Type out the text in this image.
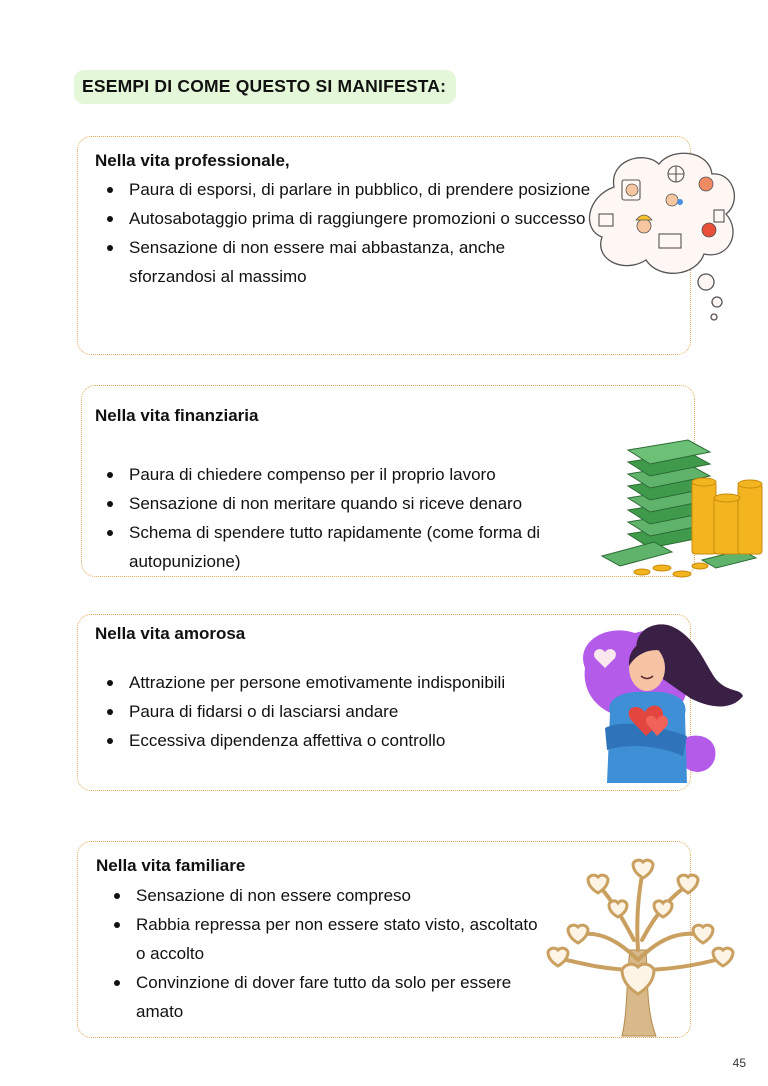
ESEMPI DI COME QUESTO SI MANIFESTA:
Nella vita professionale,
Paura di esporsi, di parlare in pubblico, di prendere posizione
Autosabotaggio prima di raggiungere promozioni o successo
Sensazione di non essere mai abbastanza, anche sforzandosi al massimo
Nella vita finanziaria
Paura di chiedere compenso per il proprio lavoro
Sensazione di non meritare quando si riceve denaro
Schema di spendere tutto rapidamente (come forma di autopunizione)
Nella vita amorosa
Attrazione per persone emotivamente indisponibili
Paura di fidarsi o di lasciarsi andare
Eccessiva dipendenza affettiva o controllo
Nella vita familiare
Sensazione di non essere compreso
Rabbia repressa per non essere stato visto, ascoltato o accolto
Convinzione di dover fare tutto da solo per essere amato
45
